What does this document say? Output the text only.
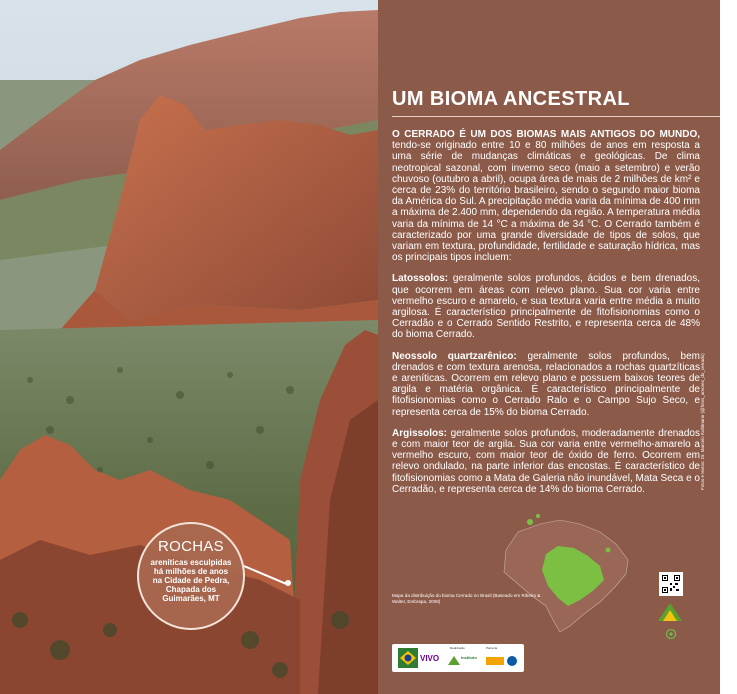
ROCHAS
areníticas esculpidas
há milhões de anos
na Cidade de Pedra,
Chapada dos
Guimarães, MT
UM BIOMA ANCESTRAL

O CERRADO É UM DOS BIOMAS MAIS ANTIGOS DO MUNDO, tendo-se originado entre 10 e 80 milhões de anos em resposta a uma série de mudanças climáticas e geológicas. De clima neotropical sazonal, com inverno seco (maio a setembro) e verão chuvoso (outubro a abril), ocupa área de mais de 2 milhões de km² e cerca de 23% do território brasileiro, sendo o segundo maior bioma da América do Sul. A precipitação média varia da mínima de 400 mm a máxima de 2.400 mm, dependendo da região. A temperatura média varia da mínima de 14 °C a máxima de 34 °C. O Cerrado também é caracterizado por uma grande diversidade de tipos de solos, que variam em textura, profundidade, fertilidade e saturação hídrica, mas os principais tipos incluem:

Latossolos: geralmente solos profundos, ácidos e bem drenados, que ocorrem em áreas com relevo plano. Sua cor varia entre vermelho escuro e amarelo, e sua textura varia entre média a muito argilosa. É característico principalmente de fitofisionomias como o Cerradão e o Cerrado Sentido Restrito, e representa cerca de 48% do bioma Cerrado.

Neossolo quartzarênico: geralmente solos profundos, bem drenados e com textura arenosa, relacionados a rochas quartzíticas e areníticas. Ocorrem em relevo plano e possuem baixos teores de argila e matéria orgânica. É característico principalmente de fitofisionomias como o Cerrado Ralo e o Campo Sujo Seco, e representa cerca de 15% do bioma Cerrado.

Argissolos: geralmente solos profundos, moderadamente drenados e com maior teor de argila. Sua cor varia entre vermelho-amarelo a vermelho escuro, com maior teor de óxido de ferro. Ocorrem em relevo ondulado, na parte inferior das encostas. É característico de fitofisionomias como a Mata de Galeria não inundável, Mata Seca e o Cerradão, e representa cerca de 14% do bioma Cerrado.

Mapa da distribuição do bioma Cerrado no Brasil (Baseado em Ribeiro & Walter, Embrapa, 2008)
VIVO
Realização
Instituto
Parceria
Fotos e textos: Dr. Marcelo Kuhlmann (@fotos_arvores_do_cerrado)
